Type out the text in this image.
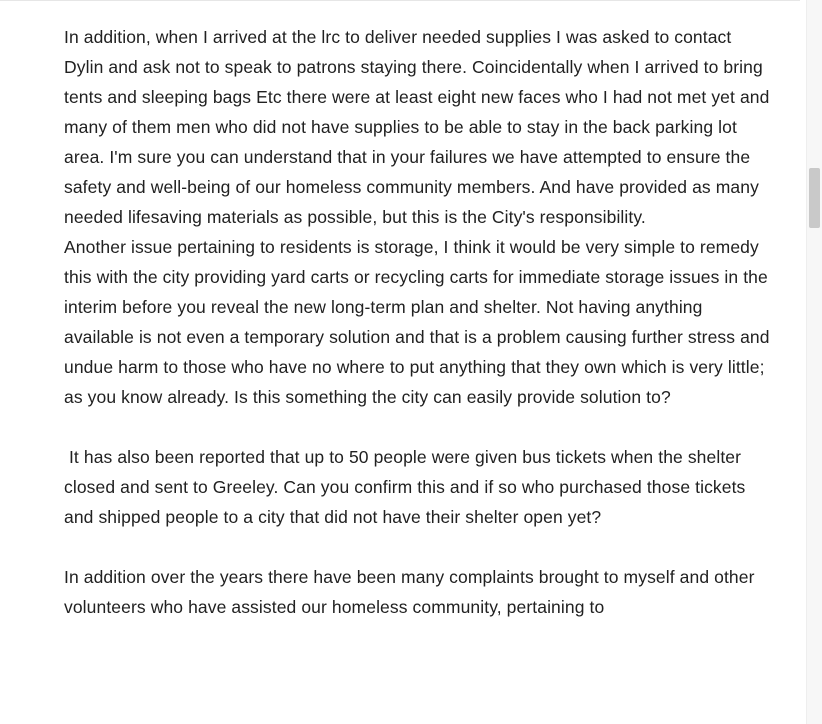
In addition, when I arrived at the lrc to deliver needed supplies I was asked to contact Dylin and ask not to speak to patrons staying there. Coincidentally when I arrived to bring tents and sleeping bags Etc there were at least eight new faces who I had not met yet and many of them men who did not have supplies to be able to stay in the back parking lot area. I'm sure you can understand that in your failures we have attempted to ensure the safety and well-being of our homeless community members. And have provided as many needed lifesaving materials as possible, but this is the City's responsibility.

Another issue pertaining to residents is storage, I think it would be very simple to remedy this with the city providing yard carts or recycling carts for immediate storage issues in the interim before you reveal the new long-term plan and shelter. Not having anything available is not even a temporary solution and that is a problem causing further stress and undue harm to those who have no where to put anything that they own which is very little; as you know already. Is this something the city can easily provide solution to?

It has also been reported that up to 50 people were given bus tickets when the shelter closed and sent to Greeley. Can you confirm this and if so who purchased those tickets and shipped people to a city that did not have their shelter open yet?

In addition over the years there have been many complaints brought to myself and other volunteers who have assisted our homeless community, pertaining to
